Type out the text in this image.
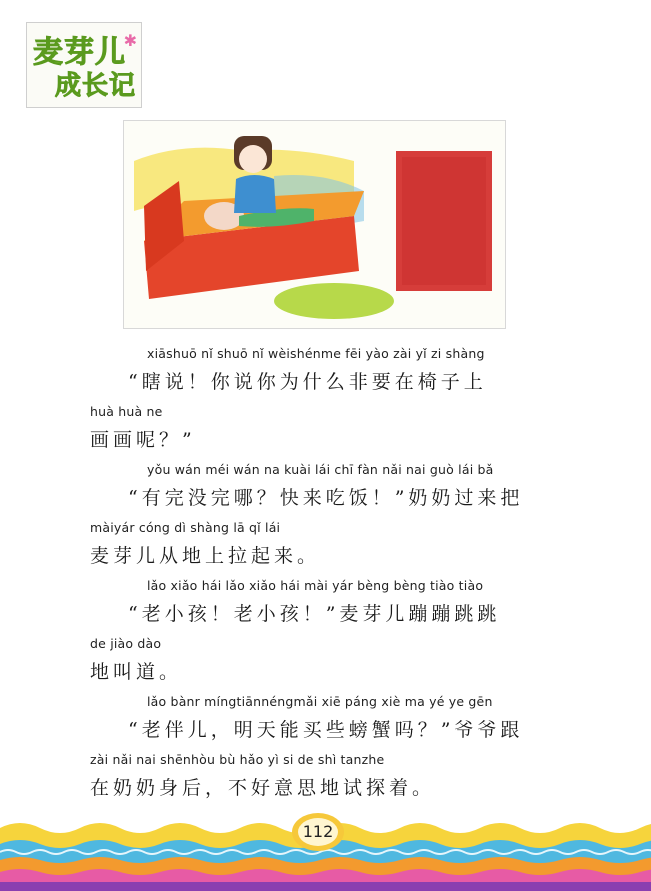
麦芽儿
✱
成长记
xiāshuō nǐ shuō nǐ wèishénme fēi yào zài yǐ zi shàng
“瞎说！你说你为什么非要在椅子上
huà huà ne
画画呢？”
yǒu wán méi wán na kuài lái chī fàn nǎi nai guò lái bǎ
“有完没完哪？快来吃饭！”奶奶过来把
màiyár cóng dì shàng lā qǐ lái
麦芽儿从地上拉起来。
lǎo xiǎo hái lǎo xiǎo hái mài yár bèng bèng tiào tiào
“老小孩！老小孩！”麦芽儿蹦蹦跳跳
de jiào dào
地叫道。
lǎo bànr míngtiānnéngmǎi xiē páng xiè ma yé ye gēn
“老伴儿，明天能买些螃蟹吗？”爷爷跟
zài nǎi nai shēnhòu bù hǎo yì si de shì tanzhe
在奶奶身后，不好意思地试探着。
112
